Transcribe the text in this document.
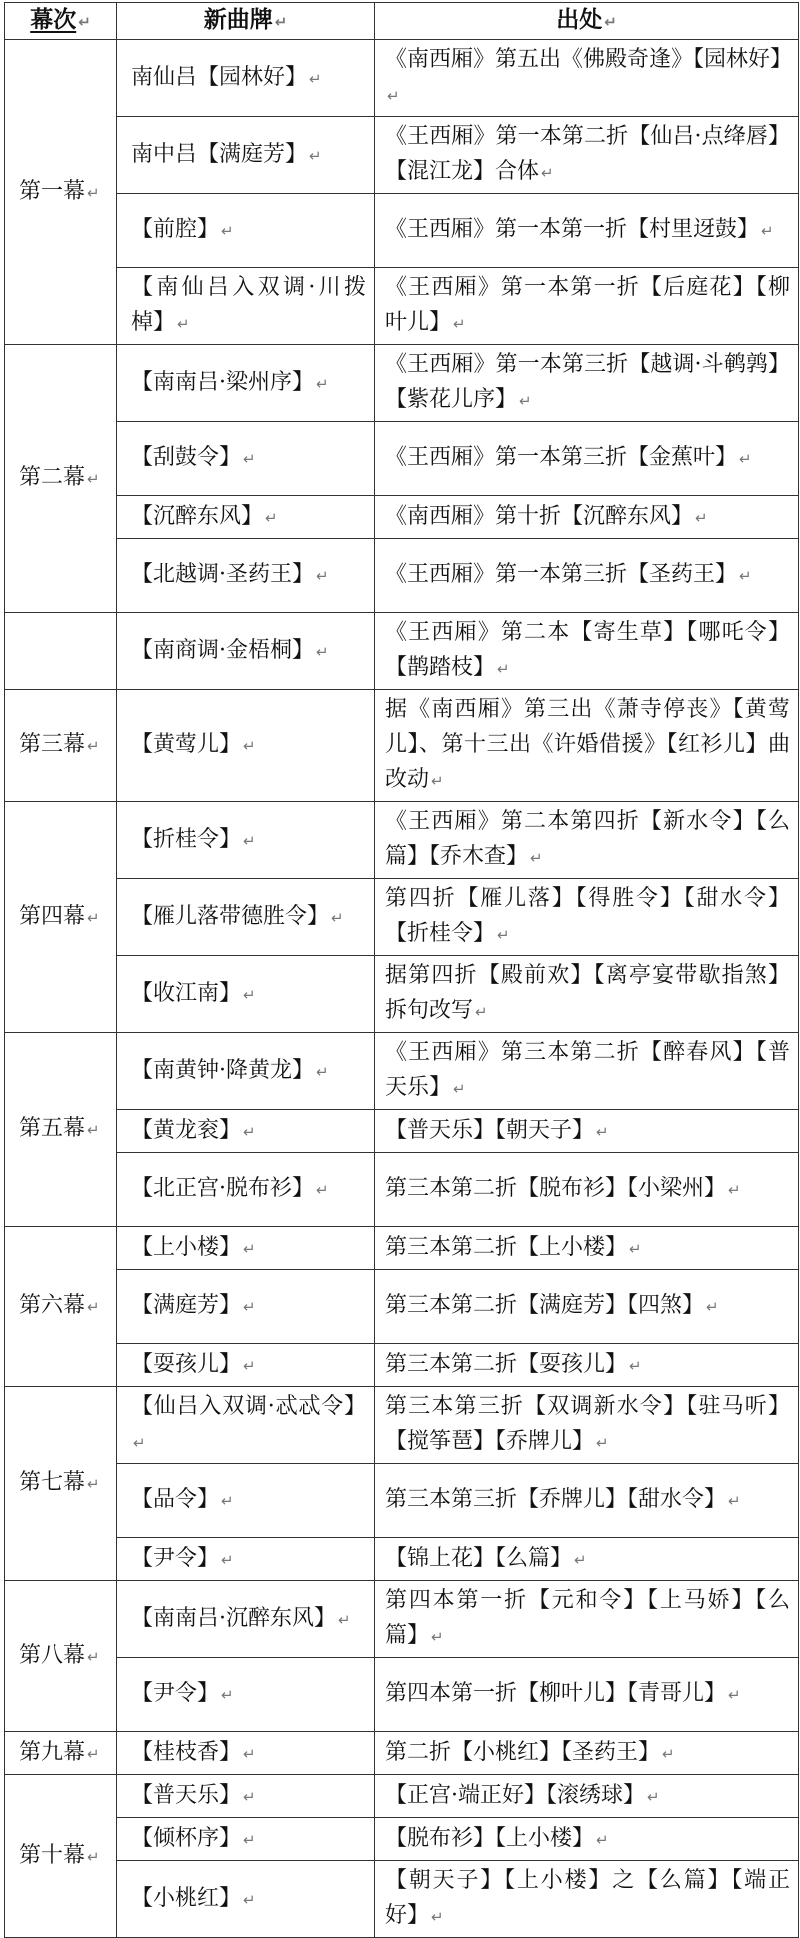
幕次 ↵	新曲牌 ↵	出处 ↵
第一幕 ↵	南仙吕【园林好】 ↵	《南西厢》第五出《佛殿奇逢》【园林好】↵
	南中吕【满庭芳】 ↵	《王西厢》第一本第二折【仙吕·点绛唇】【混江龙】合体 ↵
	【前腔】 ↵	《王西厢》第一本第一折【村里迓鼓】 ↵
	【南仙吕入双调·川拨棹】 ↵	《王西厢》第一本第一折【后庭花】【柳叶儿】 ↵
第二幕 ↵	【南南吕·梁州序】 ↵	《王西厢》第一本第三折【越调·斗鹌鹑】【紫花儿序】 ↵
	【刮鼓令】 ↵	《王西厢》第一本第三折【金蕉叶】 ↵
	【沉醉东风】 ↵	《南西厢》第十折【沉醉东风】 ↵
	【北越调·圣药王】 ↵	《王西厢》第一本第三折【圣药王】 ↵
	【南商调·金梧桐】 ↵	《王西厢》第二本【寄生草】【哪吒令】【鹊踏枝】 ↵
第三幕 ↵	【黄莺儿】 ↵	据《南西厢》第三出《萧寺停丧》【黄莺儿】、第十三出《许婚借援》【红衫儿】曲改动 ↵
第四幕 ↵	【折桂令】 ↵	《王西厢》第二本第四折【新水令】【么篇】【乔木查】 ↵
	【雁儿落带德胜令】 ↵	第四折【雁儿落】【得胜令】【甜水令】【折桂令】 ↵
	【收江南】 ↵	据第四折【殿前欢】【离亭宴带歇指煞】拆句改写 ↵
第五幕 ↵	【南黄钟·降黄龙】 ↵	《王西厢》第三本第二折【醉春风】【普天乐】 ↵
	【黄龙衮】 ↵	【普天乐】【朝天子】 ↵
	【北正宫·脱布衫】 ↵	第三本第二折【脱布衫】【小梁州】 ↵
第六幕 ↵	【上小楼】 ↵	第三本第二折【上小楼】 ↵
	【满庭芳】 ↵	第三本第二折【满庭芳】【四煞】 ↵
	【耍孩儿】 ↵	第三本第二折【耍孩儿】 ↵
第七幕 ↵	【仙吕入双调·忒忒令】↵	第三本第三折【双调新水令】【驻马听】【搅筝琶】【乔牌儿】 ↵
	【品令】 ↵	第三本第三折【乔牌儿】【甜水令】 ↵
	【尹令】 ↵	【锦上花】【么篇】 ↵
第八幕 ↵	【南南吕·沉醉东风】 ↵	第四本第一折【元和令】【上马娇】【么篇】 ↵
	【尹令】 ↵	第四本第一折【柳叶儿】【青哥儿】 ↵
第九幕 ↵	【桂枝香】 ↵	第二折【小桃红】【圣药王】 ↵
第十幕 ↵	【普天乐】 ↵	【正宫·端正好】【滚绣球】 ↵
	【倾杯序】 ↵	【脱布衫】【上小楼】 ↵
	【小桃红】 ↵	【朝天子】【上小楼】之【么篇】【端正好】 ↵
